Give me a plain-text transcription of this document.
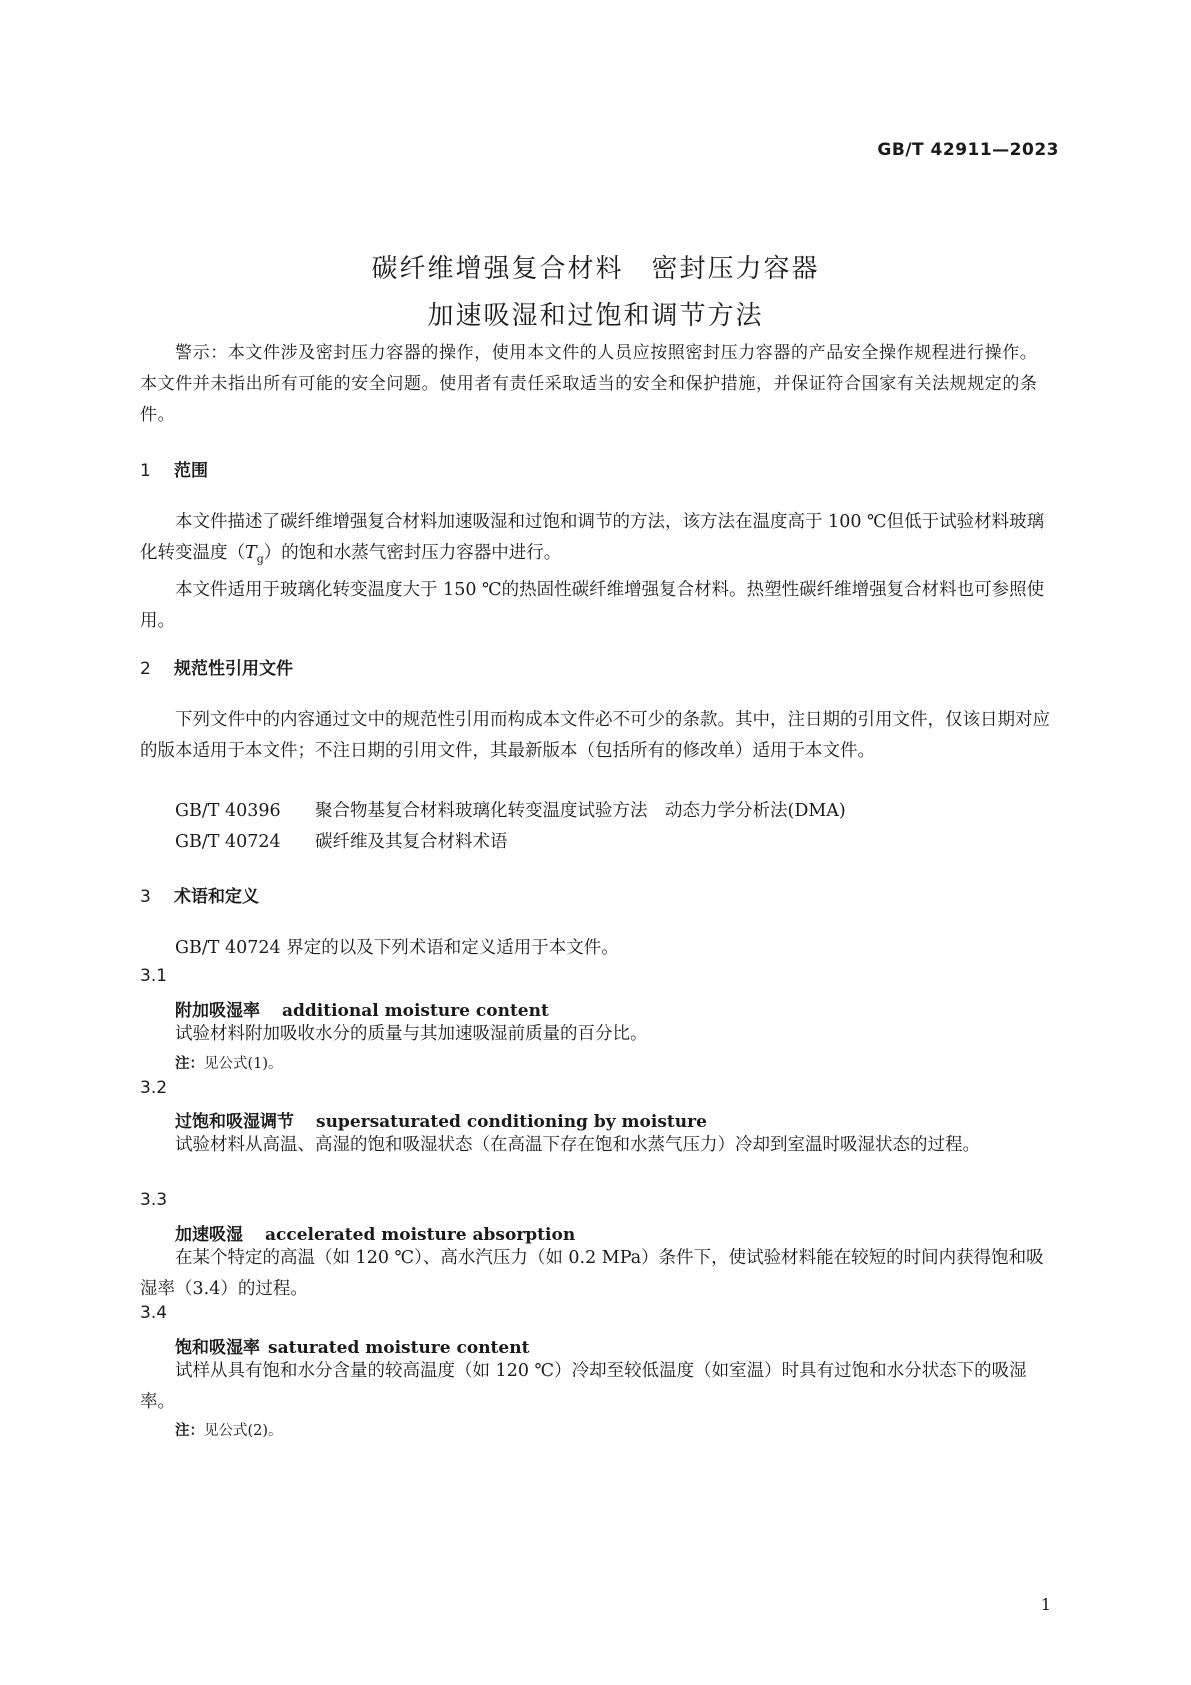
GB/T 42911—2023
碳纤维增强复合材料　密封压力容器
加速吸湿和过饱和调节方法
警示：本文件涉及密封压力容器的操作，使用本文件的人员应按照密封压力容器的产品安全操作规程进行操作。本文件并未指出所有可能的安全问题。使用者有责任采取适当的安全和保护措施，并保证符合国家有关法规规定的条件。
1 范围

本文件描述了碳纤维增强复合材料加速吸湿和过饱和调节的方法，该方法在温度高于 100 ℃但低于试验材料玻璃化转变温度$(T_g)$的饱和水蒸气密封压力容器中进行。

本文件适用于玻璃化转变温度大于 150 ℃的热固性碳纤维增强复合材料。热塑性碳纤维增强复合材料也可参照使用。

2 规范性引用文件

下列文件中的内容通过文中的规范性引用而构成本文件必不可少的条款。其中，注日期的引用文件，仅该日期对应的版本适用于本文件；不注日期的引用文件，其最新版本（包括所有的修改单）适用于本文件。

GB/T 40396 聚合物基复合材料玻璃化转变温度试验方法　动态力学分析法(DMA)
GB/T 40724 碳纤维及其复合材料术语
3 术语和定义
GB/T 40724 界定的以及下列术语和定义适用于本文件。
3.1
附加吸湿率 additional moisture content
试验材料附加吸收水分的质量与其加速吸湿前质量的百分比。
注：见公式(1)。
3.2
过饱和吸湿调节 supersaturated conditioning by moisture
试验材料从高温、高湿的饱和吸湿状态（在高温下存在饱和水蒸气压力）冷却到室温时吸湿状态的过程。
3.3
加速吸湿 accelerated moisture absorption
在某个特定的高温（如 120 ℃）、高水汽压力（如 0.2 MPa）条件下，使试验材料能在较短的时间内获得饱和吸湿率（3.4）的过程。
3.4
饱和吸湿率 saturated moisture content
试样从具有饱和水分含量的较高温度（如 120 ℃）冷却至较低温度（如室温）时具有过饱和水分状态下的吸湿率。
注：见公式(2)。
1
